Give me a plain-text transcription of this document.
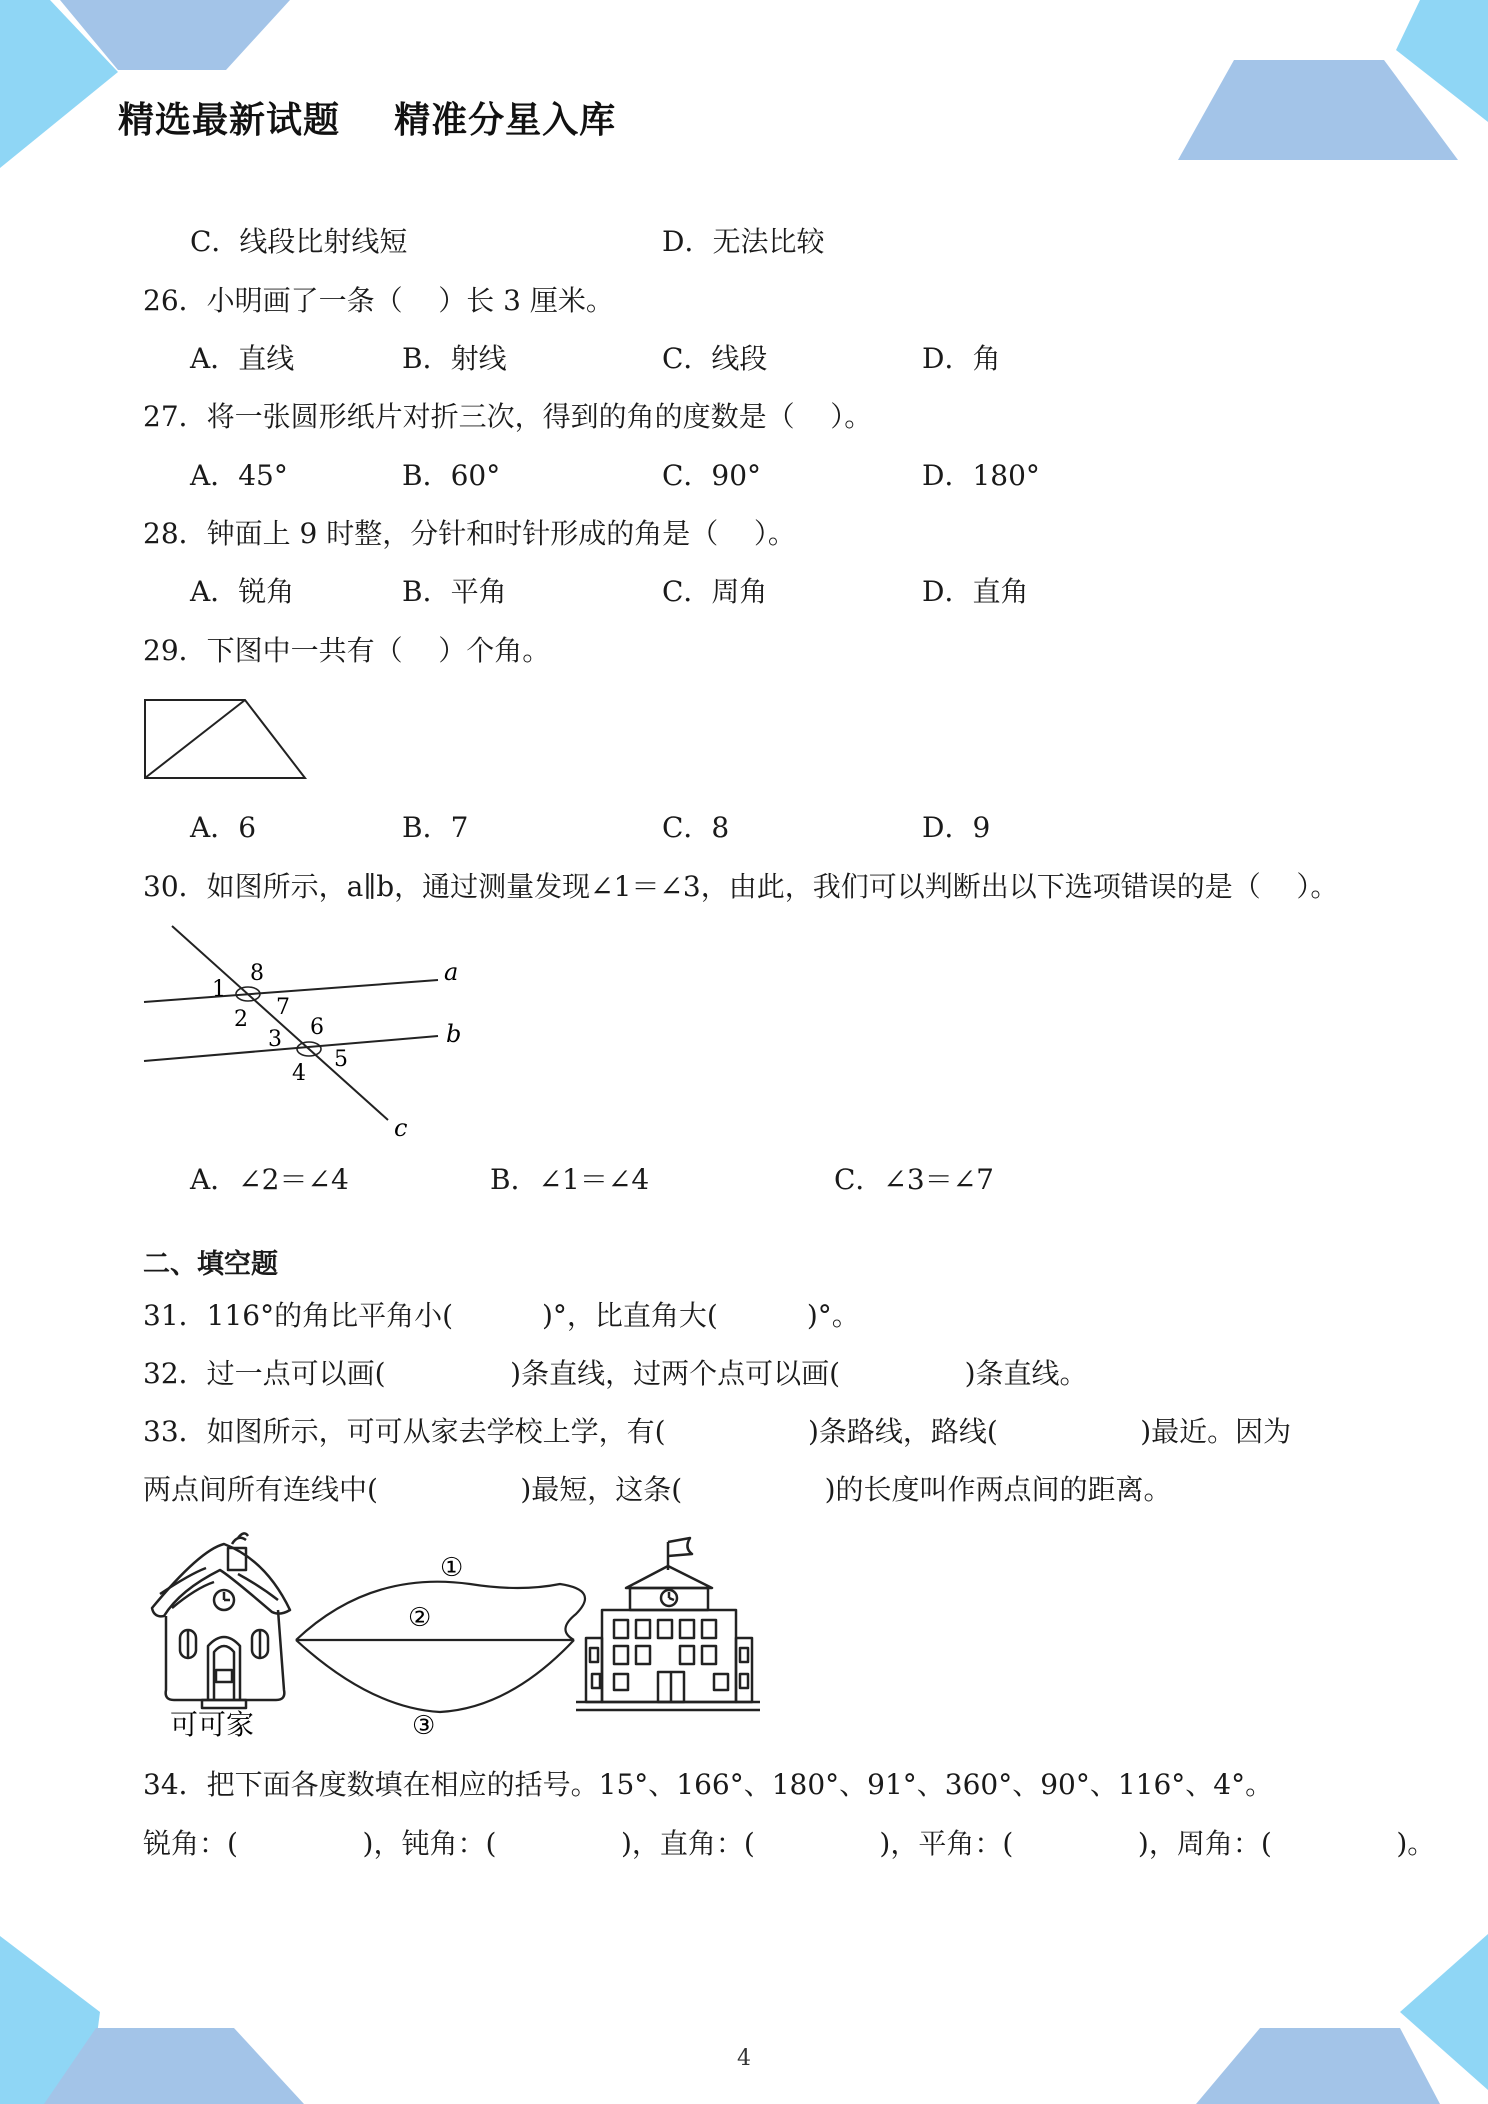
精选最新试题    精准分星入库
C．线段比射线短	D．无法比较
26．小明画了一条（    ）长 3 厘米。
A．直线	B．射线	C．线段	D．角
27．将一张圆形纸片对折三次，得到的角的度数是（    ）。
A．45°	B．60°	C．90°	D．180°
28．钟面上 9 时整，分针和时针形成的角是（    ）。
A．锐角	B．平角	C．周角	D．直角
29．下图中一共有（    ）个角。
A．6	B．7	C．8	D．9
30．如图所示，a∥b，通过测量发现∠1＝∠3，由此，我们可以判断出以下选项错误的是（    ）。
a
b
c
8
1
7
2	6
3
4
5
A．∠2＝∠4	B．∠1＝∠4	C．∠3＝∠7
二、填空题
31．116°的角比平角小(          )°，比直角大(          )°。
32．过一点可以画(              )条直线，过两个点可以画(              )条直线。
33．如图所示，可可从家去学校上学，有(                )条路线，路线(                )最近。因为
两点间所有连线中(                )最短，这条(                )的长度叫作两点间的距离。
①
②
③
可可家
34．把下面各度数填在相应的括号。15°、166°、180°、91°、360°、90°、116°、4°。
锐角：(              )，钝角：(              )，直角：(              )，平角：(              )，周角：(              )。
4
